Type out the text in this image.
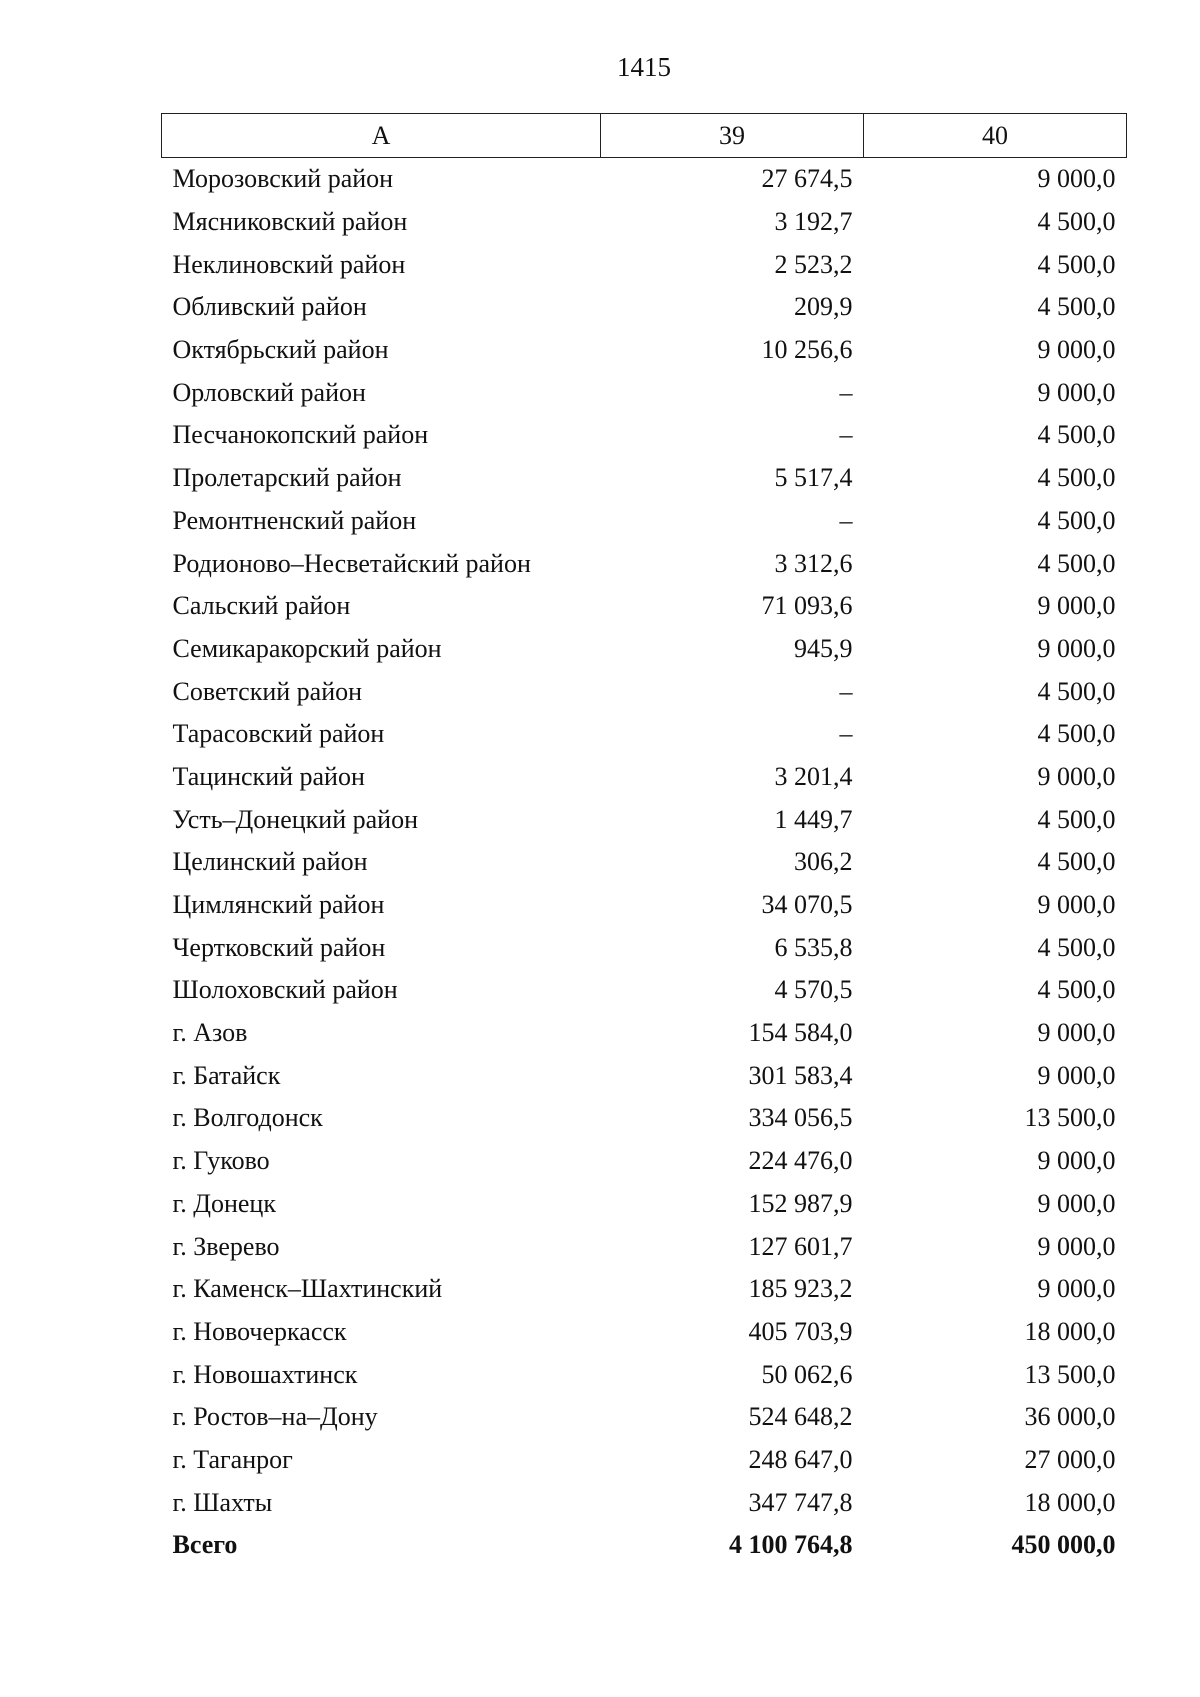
1415
А	39	40
Морозовский район	27 674,5	9 000,0
Мясниковский район	3 192,7	4 500,0
Неклиновский район	2 523,2	4 500,0
Обливский район	209,9	4 500,0
Октябрьский район	10 256,6	9 000,0
Орловский район	–	9 000,0
Песчанокопский район	–	4 500,0
Пролетарский район	5 517,4	4 500,0
Ремонтненский район	–	4 500,0
Родионово–Несветайский район	3 312,6	4 500,0
Сальский район	71 093,6	9 000,0
Семикаракорский район	945,9	9 000,0
Советский район	–	4 500,0
Тарасовский район	–	4 500,0
Тацинский район	3 201,4	9 000,0
Усть–Донецкий район	1 449,7	4 500,0
Целинский район	306,2	4 500,0
Цимлянский район	34 070,5	9 000,0
Чертковский район	6 535,8	4 500,0
Шолоховский район	4 570,5	4 500,0
г. Азов	154 584,0	9 000,0
г. Батайск	301 583,4	9 000,0
г. Волгодонск	334 056,5	13 500,0
г. Гуково	224 476,0	9 000,0
г. Донецк	152 987,9	9 000,0
г. Зверево	127 601,7	9 000,0
г. Каменск–Шахтинский	185 923,2	9 000,0
г. Новочеркасск	405 703,9	18 000,0
г. Новошахтинск	50 062,6	13 500,0
г. Ростов–на–Дону	524 648,2	36 000,0
г. Таганрог	248 647,0	27 000,0
г. Шахты	347 747,8	18 000,0
Всего	4 100 764,8	450 000,0
